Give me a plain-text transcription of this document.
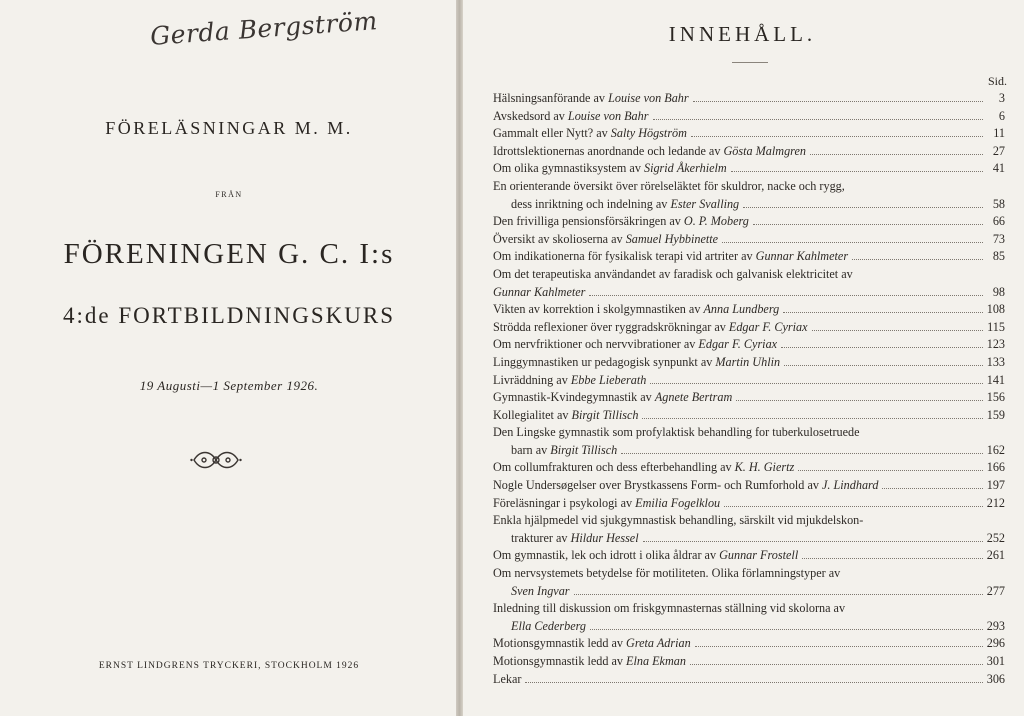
Gerda Bergström
FÖRELÄSNINGAR M. M.
FRÅN
FÖRENINGEN G. C. I:s
4:de FORTBILDNINGSKURS
19 Augusti—1 September 1926.
ERNST LINDGRENS TRYCKERI, STOCKHOLM 1926
INNEHÅLL.
Sid.
Hälsningsanförande av Louise von Bahr	3
Avskedsord av Louise von Bahr	6
Gammalt eller Nytt? av Salty Högström	11
Idrottslektionernas anordnande och ledande av Gösta Malmgren	27
Om olika gymnastiksystem av Sigrid Åkerhielm	41
En orienterande översikt över rörelseläktet för skuldror, nacke och rygg,
dess inriktning och indelning av Ester Svalling	58
Den frivilliga pensionsförsäkringen av O. P. Moberg	66
Översikt av skolioserna av Samuel Hybbinette	73
Om indikationerna för fysikalisk terapi vid artriter av Gunnar Kahlmeter	85
Om det terapeutiska användandet av faradisk och galvanisk elektricitet av
Gunnar Kahlmeter	98
Vikten av korrektion i skolgymnastiken av Anna Lundberg	108
Strödda reflexioner över ryggradskrökningar av Edgar F. Cyriax	115
Om nervfriktioner och nervvibrationer av Edgar F. Cyriax	123
Linggymnastiken ur pedagogisk synpunkt av Martin Uhlin	133
Livräddning av Ebbe Lieberath	141
Gymnastik-Kvindegymnastik av Agnete Bertram	156
Kollegialitet av Birgit Tillisch	159
Den Lingske gymnastik som profylaktisk behandling for tuberkulosetruede
barn av Birgit Tillisch	162
Om collumfrakturen och dess efterbehandling av K. H. Giertz	166
Nogle Undersøgelser over Brystkassens Form- och Rumforhold av J. Lindhard	197
Föreläsningar i psykologi av Emilia Fogelklou	212
Enkla hjälpmedel vid sjukgymnastisk behandling, särskilt vid mjukdelskon-
trakturer av Hildur Hessel	252
Om gymnastik, lek och idrott i olika åldrar av Gunnar Frostell	261
Om nervsystemets betydelse för motiliteten. Olika förlamningstyper av
Sven Ingvar	277
Inledning till diskussion om friskgymnasternas ställning vid skolorna av
Ella Cederberg	293
Motionsgymnastik ledd av Greta Adrian	296
Motionsgymnastik ledd av Elna Ekman	301
Lekar	306
